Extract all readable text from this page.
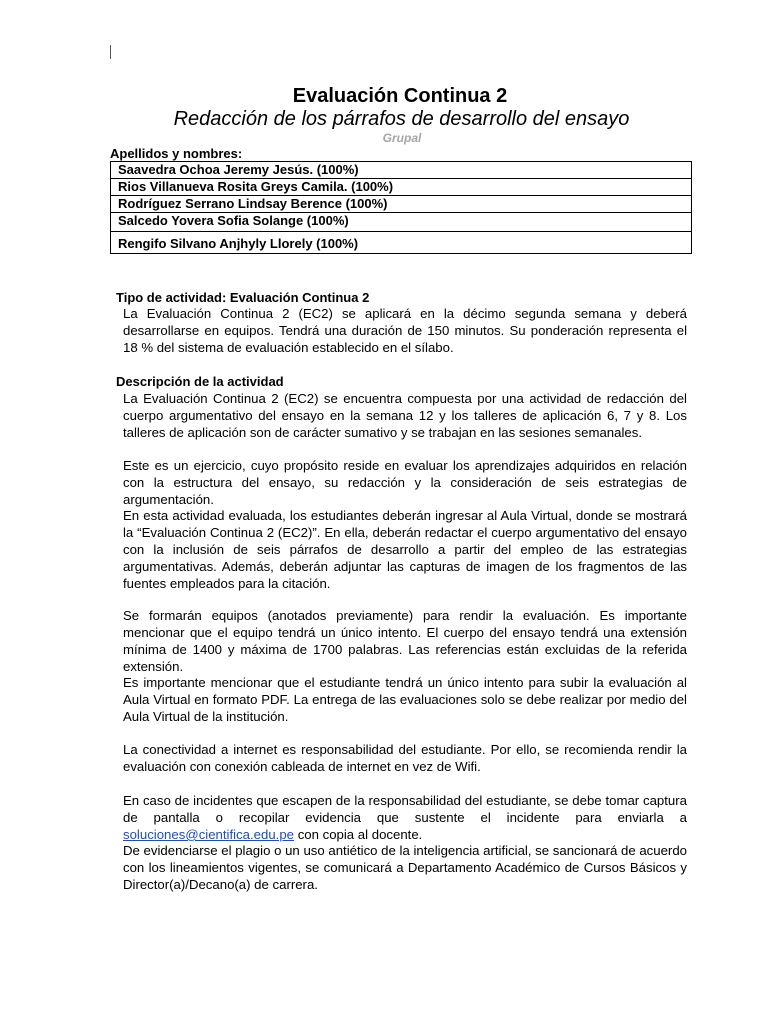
Evaluación Continua 2
Redacción de los párrafos de desarrollo del ensayo
Grupal
Apellidos y nombres:
Saavedra Ochoa Jeremy Jesús. (100%)
Rios Villanueva Rosita Greys Camila. (100%)
Rodríguez Serrano Lindsay Berence (100%)
Salcedo Yovera Sofia Solange (100%)
Rengifo Silvano Anjhyly Llorely (100%)
Tipo de actividad: Evaluación Continua 2
La Evaluación Continua 2 (EC2) se aplicará en la décimo segunda semana y deberá desarrollarse en equipos. Tendrá una duración de 150 minutos. Su ponderación representa el 18 % del sistema de evaluación establecido en el sílabo.
Descripción de la actividad
La Evaluación Continua 2 (EC2) se encuentra compuesta por una actividad de redacción del cuerpo argumentativo del ensayo en la semana 12 y los talleres de aplicación 6, 7 y 8. Los talleres de aplicación son de carácter sumativo y se trabajan en las sesiones semanales.
Este es un ejercicio, cuyo propósito reside en evaluar los aprendizajes adquiridos en relación con la estructura del ensayo, su redacción y la consideración de seis estrategias de argumentación.
En esta actividad evaluada, los estudiantes deberán ingresar al Aula Virtual, donde se mostrará la “Evaluación Continua 2 (EC2)”. En ella, deberán redactar el cuerpo argumentativo del ensayo con la inclusión de seis párrafos de desarrollo a partir del empleo de las estrategias argumentativas. Además, deberán adjuntar las capturas de imagen de los fragmentos de las fuentes empleados para la citación.
Se formarán equipos (anotados previamente) para rendir la evaluación. Es importante mencionar que el equipo tendrá un único intento. El cuerpo del ensayo tendrá una extensión mínima de 1400 y máxima de 1700 palabras. Las referencias están excluidas de la referida extensión.
Es importante mencionar que el estudiante tendrá un único intento para subir la evaluación al Aula Virtual en formato PDF. La entrega de las evaluaciones solo se debe realizar por medio del Aula Virtual de la institución.
La conectividad a internet es responsabilidad del estudiante. Por ello, se recomienda rendir la evaluación con conexión cableada de internet en vez de Wifi.
En caso de incidentes que escapen de la responsabilidad del estudiante, se debe tomar captura de pantalla o recopilar evidencia que sustente el incidente para enviarla a soluciones@cientifica.edu.pe con copia al docente.
De evidenciarse el plagio o un uso antiético de la inteligencia artificial, se sancionará de acuerdo con los lineamientos vigentes, se comunicará a Departamento Académico de Cursos Básicos y Director(a)/Decano(a) de carrera.
